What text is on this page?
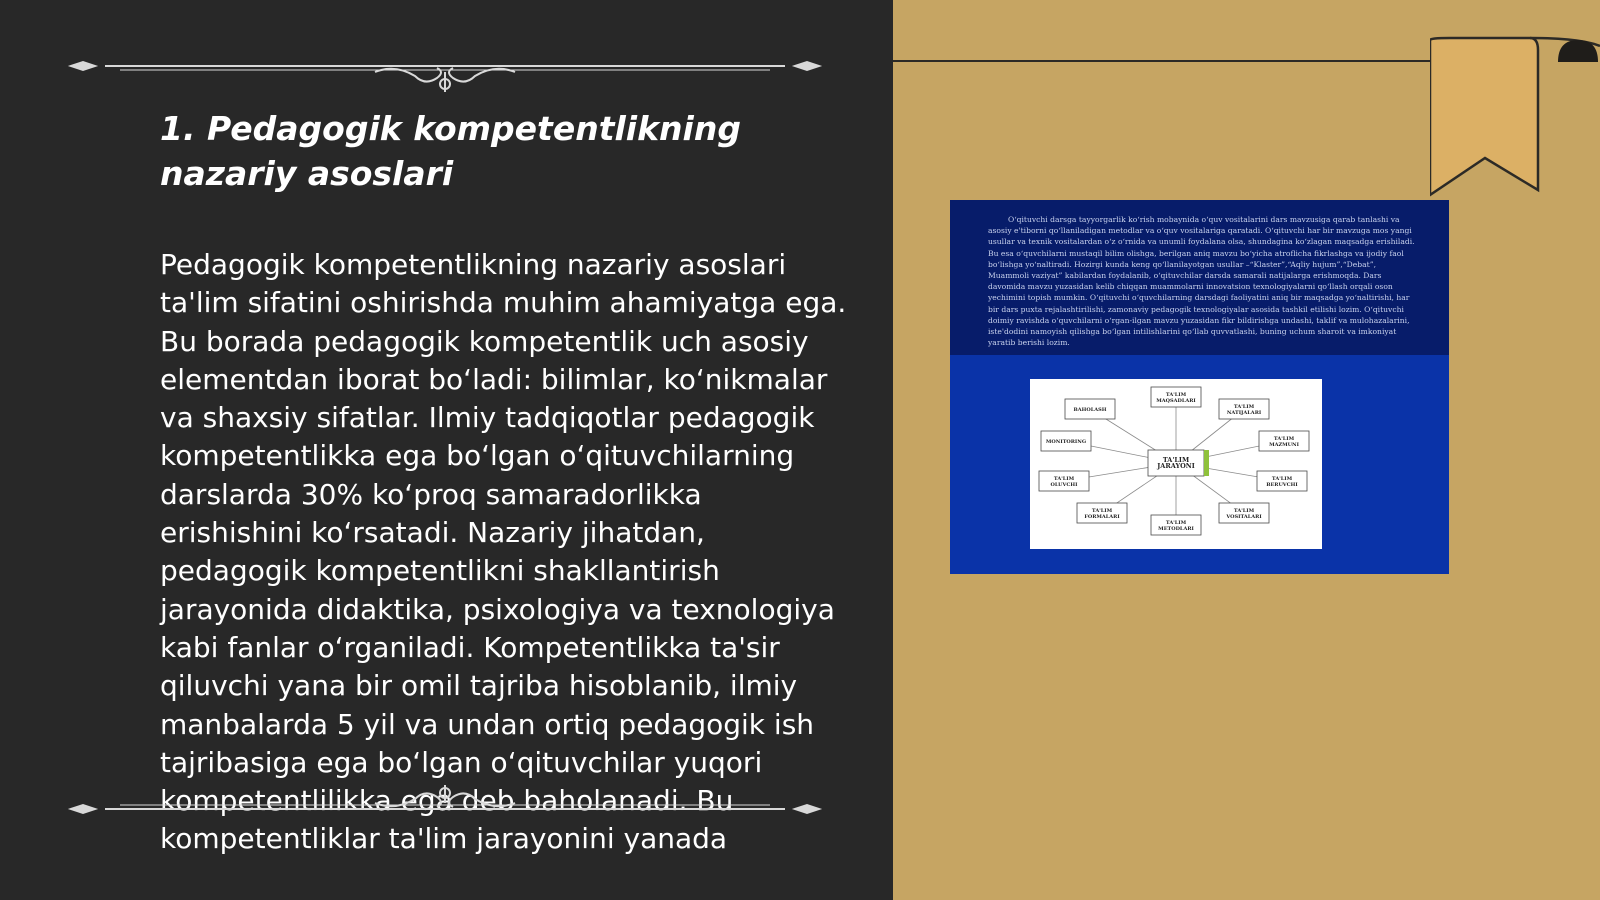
1. Pedagogik kompetentlikning
nazariy asoslari

Pedagogik kompetentlikning nazariy asoslari ta'lim sifatini oshirishda muhim ahamiyatga ega. Bu borada pedagogik kompetentlik uch asosiy elementdan iborat bo‘ladi: bilimlar, ko‘nikmalar va shaxsiy sifatlar. Ilmiy tadqiqotlar pedagogik kompetentlikka ega bo‘lgan o‘qituvchilarning darslarda 30% ko‘proq samaradorlikka erishishini ko‘rsatadi. Nazariy jihatdan, pedagogik kompetentlikni shakllantirish jarayonida didaktika, psixologiya va texnologiya kabi fanlar o‘rganiladi. Kompetentlikka ta'sir qiluvchi yana bir omil tajriba hisoblanib, ilmiy manbalarda 5 yil va undan ortiq pedagogik ish tajribasiga ega bo‘lgan o‘qituvchilar yuqori kompetentlilikka ega deb baholanadi. Bu kompetentliklar ta'lim jarayonini yanada

O‘qituvchi darsga tayyorgarlik ko‘rish mobaynida o‘quv vositalarini dars mavzusiga qarab tanlashi va asosiy e'tiborni qo‘llaniladigan metodlar va o‘quv vositalariga qaratadi. O‘qituvchi har bir mavzuga mos yangi usullar va texnik vositalardan o‘z o‘rnida va unumli foydalana olsa, shundagina ko‘zlagan maqsadga erishiladi. Bu esa o‘quvchilarni mustaqil bilim olishga, berilgan aniq mavzu bo‘yicha atroflicha fikrlashga va ijodiy faol bo‘lishga yo‘naltiradi. Hozirgi kunda keng qo‘llanilayotgan usullar –“Klaster”,“Aqliy hujum”,“Debat”, Muammoli vaziyat” kabilardan foydalanib, o‘qituvchilar darsda samarali natijalarga erishmoqda. Dars davomida mavzu yuzasidan kelib chiqqan muammolarni innovatsion texnologiyalarni qo‘llash orqali oson yechimini topish mumkin. O‘qituvchi o‘quvchilarning darsdagi faoliyatini aniq bir maqsadga yo‘naltirishi, har bir dars puxta rejalashtirilishi, zamonaviy pedagogik texnologiyalar asosida tashkil etilishi lozim. O‘qituvchi doimiy ravishda o‘quvchilarni o‘rgan-ilgan mavzu yuzasidan fikr bildirishga undashi, taklif va mulohazalarini, iste'dodini namoyish qilishga bo‘lgan intilishlarini qo‘llab quvvatlashi, buning uchum sharoit va imkoniyat yaratib berishi lozim.

BAHOLASH
TA'LIM
MAQSADLARI
TA'LIM
NATIJALARI
MONITORING
TA'LIM
MAZMUNI
TA'LIM
OLUVCHI
TA'LIM
BERUVCHI
TA'LIM
FORMALARI
TA'LIM
METODLARI
TA'LIM
VOSITALARI
TA'LIM
JARAYONI
